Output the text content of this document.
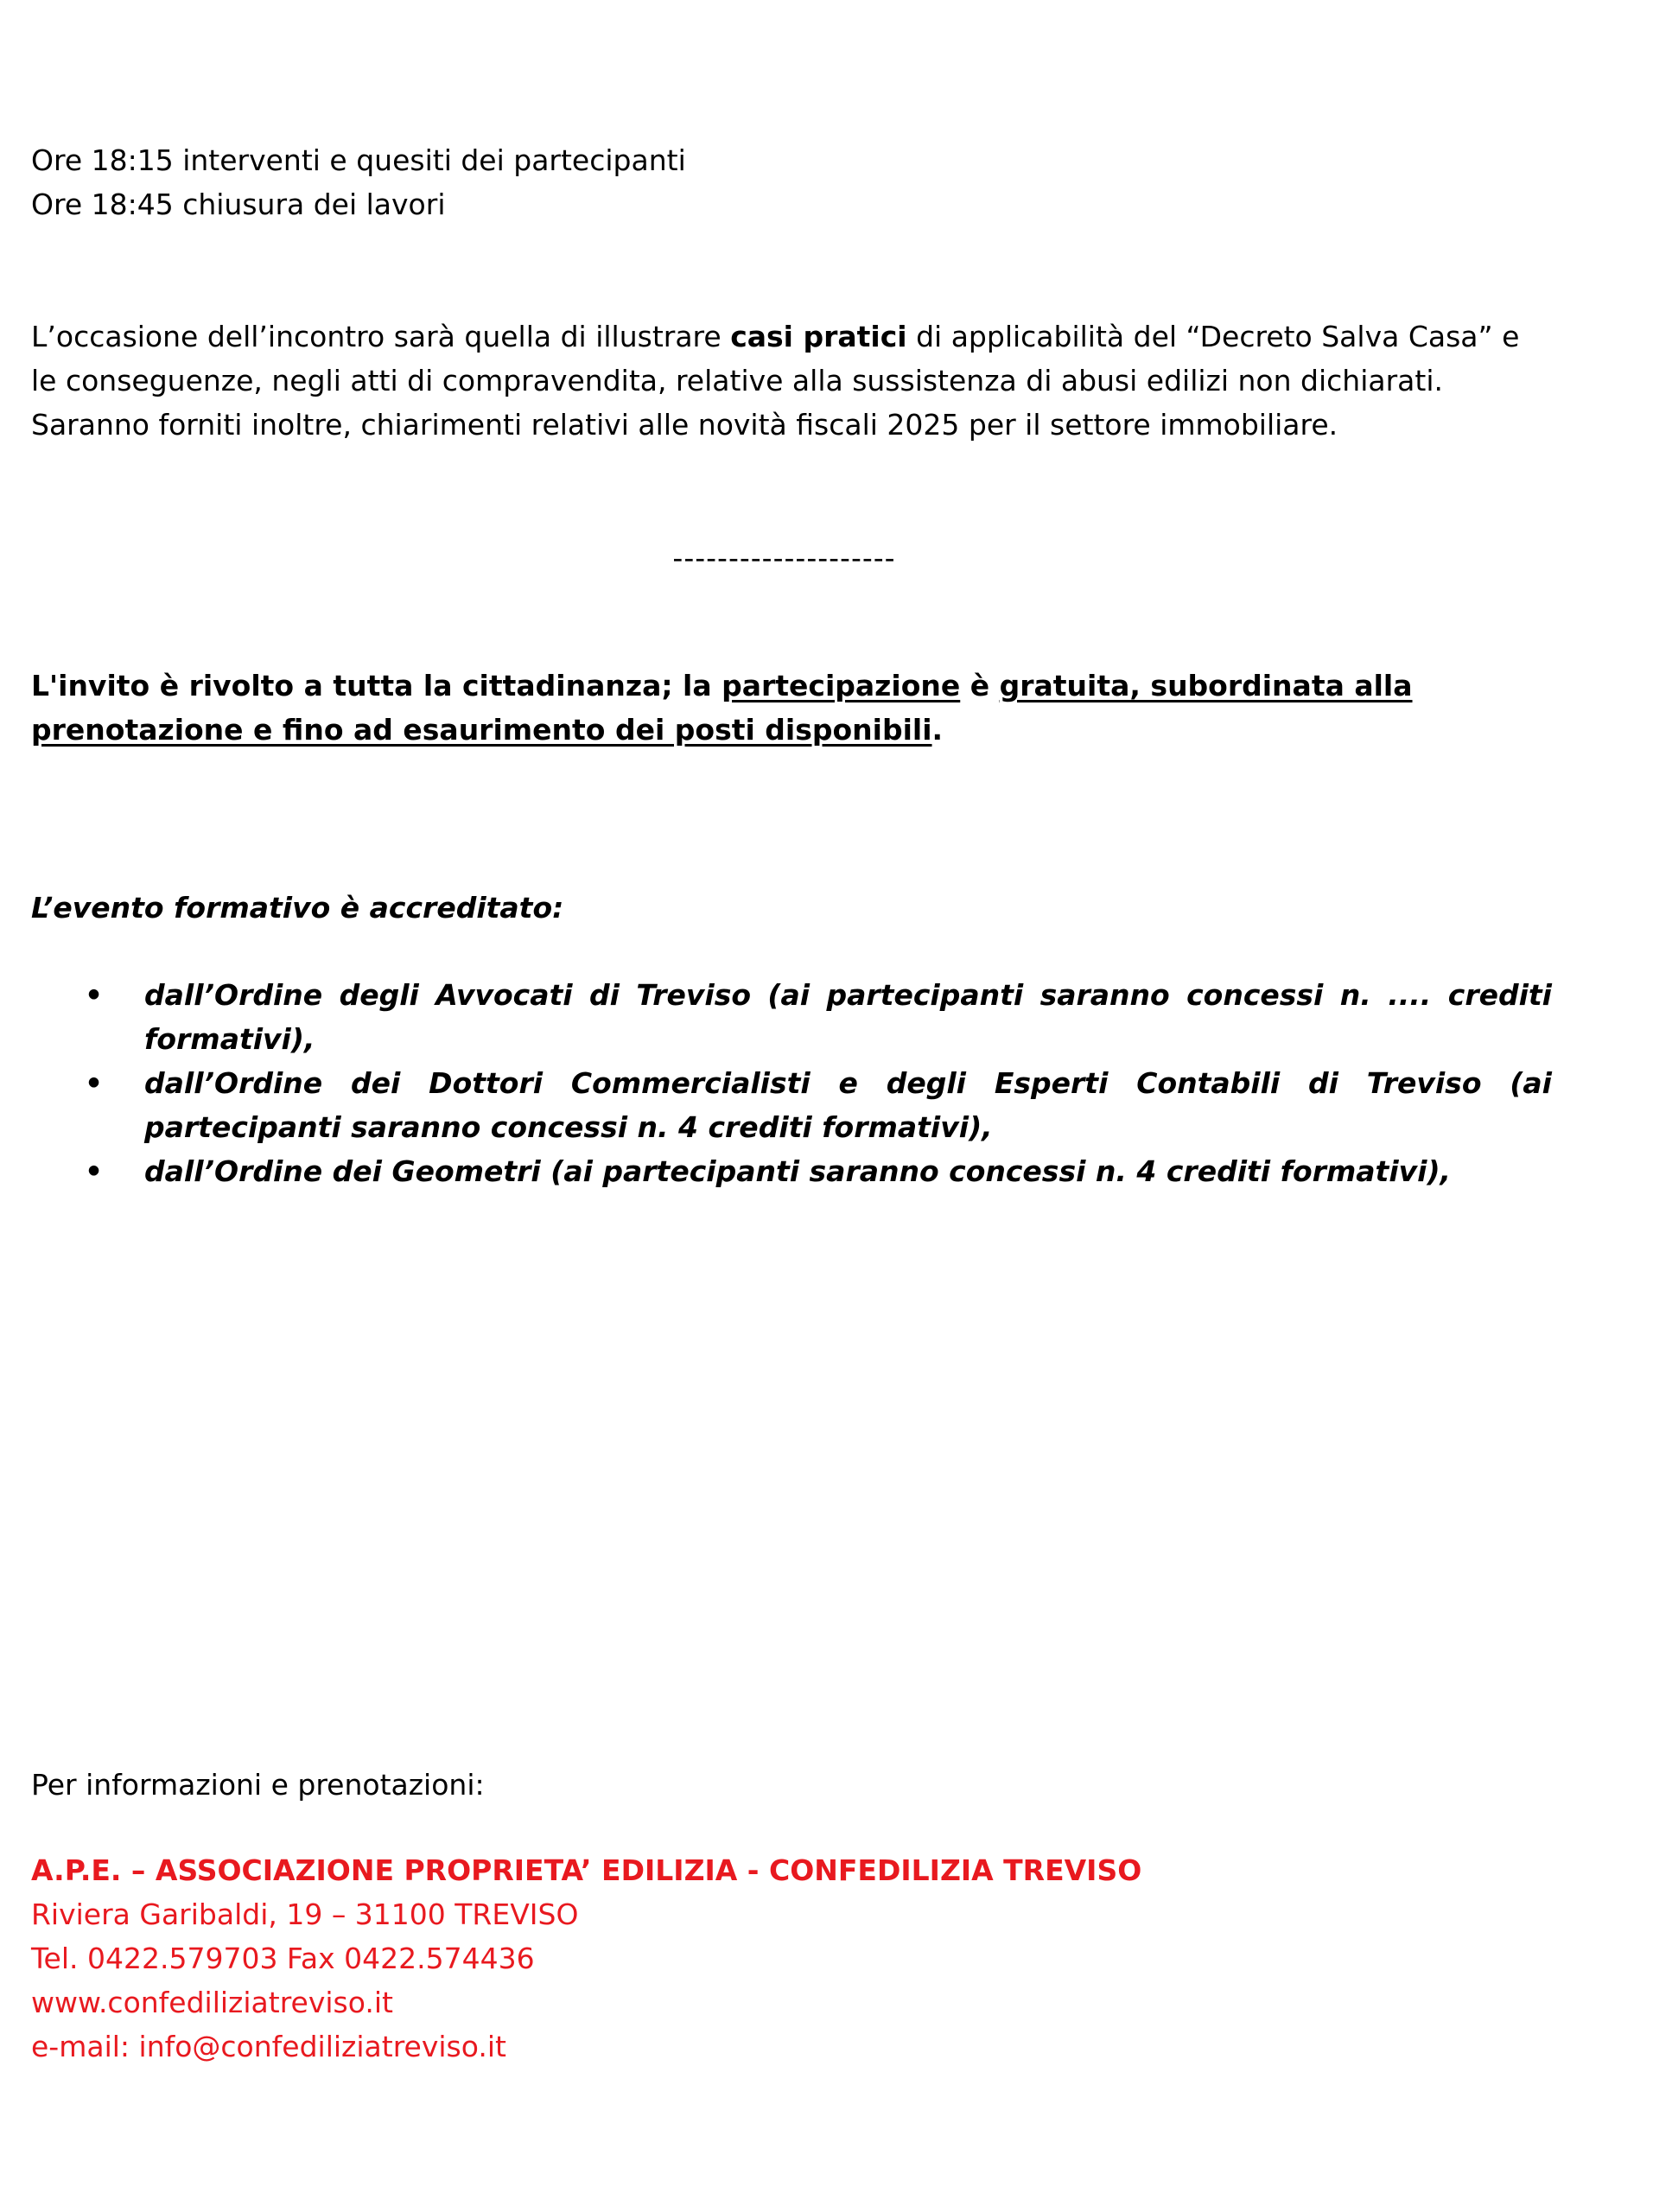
Ore 18:15 interventi e quesiti dei partecipanti

Ore 18:45 chiusura dei lavori

L’occasione dell’incontro sarà quella di illustrare casi pratici di applicabilità del “Decreto Salva Casa” e le conseguenze, negli atti di compravendita, relative alla sussistenza di abusi edilizi non dichiarati.

Saranno forniti inoltre, chiarimenti relativi alle novità fiscali 2025 per il settore immobiliare.

--------------------

L'invito è rivolto a tutta la cittadinanza; la partecipazione è gratuita, subordinata alla prenotazione e fino ad esaurimento dei posti disponibili.

L’evento formativo è accreditato:
• dall’Ordine degli Avvocati di Treviso (ai partecipanti saranno concessi n. .... crediti formativi),
• dall’Ordine dei Dottori Commercialisti e degli Esperti Contabili di Treviso (ai partecipanti saranno concessi n. 4 crediti formativi),
• dall’Ordine dei Geometri (ai partecipanti saranno concessi n. 4 crediti formativi),
Per informazioni e prenotazioni:

A.P.E. – ASSOCIAZIONE PROPRIETA’ EDILIZIA - CONFEDILIZIA TREVISO

Riviera Garibaldi, 19 – 31100 TREVISO

Tel. 0422.579703 Fax 0422.574436

www.confediliziatreviso.it

e-mail: info@confediliziatreviso.it
